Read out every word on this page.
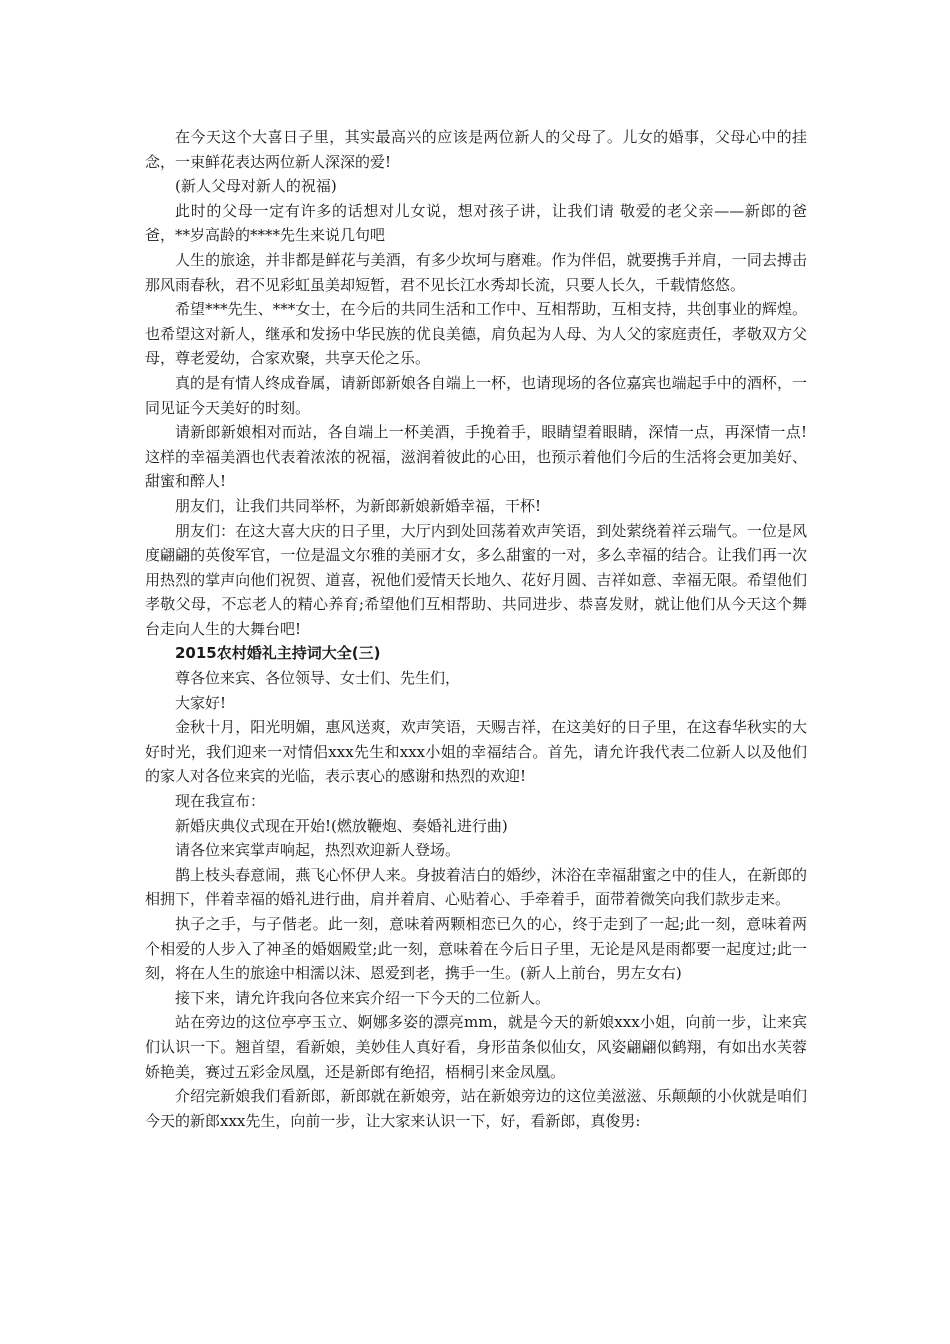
在今天这个大喜日子里，其实最高兴的应该是两位新人的父母了。儿女的婚事，父母心中的挂念，一束鲜花表达两位新人深深的爱!

(新人父母对新人的祝福)

此时的父母一定有许多的话想对儿女说，想对孩子讲，让我们请 敬爱的老父亲——新郎的爸爸，**岁高龄的****先生来说几句吧

人生的旅途，并非都是鲜花与美酒，有多少坎坷与磨难。作为伴侣，就要携手并肩，一同去搏击那风雨春秋，君不见彩虹虽美却短暂，君不见长江水秀却长流，只要人长久，千载情悠悠。

希望***先生、***女士，在今后的共同生活和工作中、互相帮助，互相支持，共创事业的辉煌。也希望这对新人，继承和发扬中华民族的优良美德，肩负起为人母、为人父的家庭责任，孝敬双方父母，尊老爱幼，合家欢聚，共享天伦之乐。

真的是有情人终成眷属，请新郎新娘各自端上一杯，也请现场的各位嘉宾也端起手中的酒杯，一同见证今天美好的时刻。

请新郎新娘相对而站，各自端上一杯美酒，手挽着手，眼睛望着眼睛，深情一点，再深情一点!这样的幸福美酒也代表着浓浓的祝福，滋润着彼此的心田，也预示着他们今后的生活将会更加美好、甜蜜和醉人!

朋友们，让我们共同举杯，为新郎新娘新婚幸福，干杯!

朋友们：在这大喜大庆的日子里，大厅内到处回荡着欢声笑语，到处萦绕着祥云瑞气。一位是风度翩翩的英俊军官，一位是温文尔雅的美丽才女，多么甜蜜的一对，多么幸福的结合。让我们再一次用热烈的掌声向他们祝贺、道喜，祝他们爱情天长地久、花好月圆、吉祥如意、幸福无限。希望他们孝敬父母，不忘老人的精心养育;希望他们互相帮助、共同进步、恭喜发财，就让他们从今天这个舞台走向人生的大舞台吧!

2015农村婚礼主持词大全(三)

尊各位来宾、各位领导、女士们、先生们，

大家好!

金秋十月，阳光明媚，惠风送爽，欢声笑语，天赐吉祥，在这美好的日子里，在这春华秋实的大好时光，我们迎来一对情侣xxx先生和xxx小姐的幸福结合。首先，请允许我代表二位新人以及他们的家人对各位来宾的光临，表示衷心的感谢和热烈的欢迎!

现在我宣布：

新婚庆典仪式现在开始!(燃放鞭炮、奏婚礼进行曲)

请各位来宾掌声响起，热烈欢迎新人登场。

鹊上枝头春意闹，燕飞心怀伊人来。身披着洁白的婚纱，沐浴在幸福甜蜜之中的佳人，在新郎的相拥下，伴着幸福的婚礼进行曲，肩并着肩、心贴着心、手牵着手，面带着微笑向我们款步走来。

执子之手，与子偕老。此一刻，意味着两颗相恋已久的心，终于走到了一起;此一刻，意味着两个相爱的人步入了神圣的婚姻殿堂;此一刻，意味着在今后日子里，无论是风是雨都要一起度过;此一刻，将在人生的旅途中相濡以沫、恩爱到老，携手一生。(新人上前台，男左女右)

接下来，请允许我向各位来宾介绍一下今天的二位新人。

站在旁边的这位亭亭玉立、婀娜多姿的漂亮mm，就是今天的新娘xxx小姐，向前一步，让来宾们认识一下。翘首望，看新娘，美妙佳人真好看，身形苗条似仙女，风姿翩翩似鹤翔，有如出水芙蓉娇艳美，赛过五彩金凤凰，还是新郎有绝招，梧桐引来金凤凰。

介绍完新娘我们看新郎，新郎就在新娘旁，站在新娘旁边的这位美滋滋、乐颠颠的小伙就是咱们今天的新郎xxx先生，向前一步，让大家来认识一下，好，看新郎，真俊男:
